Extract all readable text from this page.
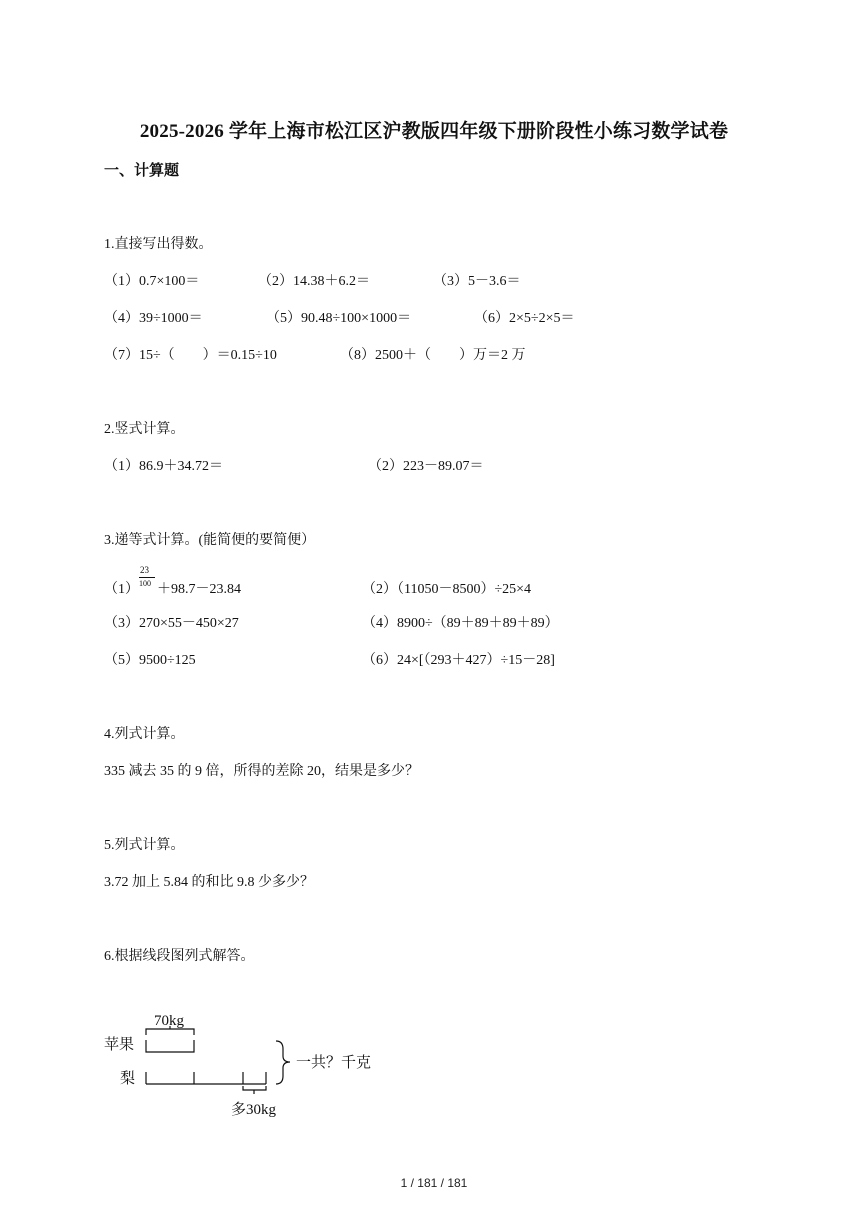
2025-2026 学年上海市松江区沪教版四年级下册阶段性小练习数学试卷
一、计算题
1.直接写出得数。
（1）0.7×100＝	（2）14.38＋6.2＝	（3）5－3.6＝
（4）39÷1000＝	（5）90.48÷100×1000＝	（6）2×5÷2×5＝
（7）15÷（　　）＝0.15÷10	（8）2500＋（　　）万＝2 万
2.竖式计算。
（1）86.9＋34.72＝	（2）223－89.07＝
3.递等式计算。(能简便的要简便）
$(1) \frac{23}{100} +98.7-23.84$	（2）（11050－8500）÷25×4
（3）270×55－450×27	（4）8900÷（89＋89＋89＋89）
（5）9500÷125	（6）24×[（293＋427）÷15－28]
4.列式计算。
335 减去 35 的 9 倍，所得的差除 20，结果是多少？
5.列式计算。
3.72 加上 5.84 的和比 9.8 少多少？
6.根据线段图列式解答。
70kg
苹果
梨
一共？千克
多30kg
1 / 181 / 181
